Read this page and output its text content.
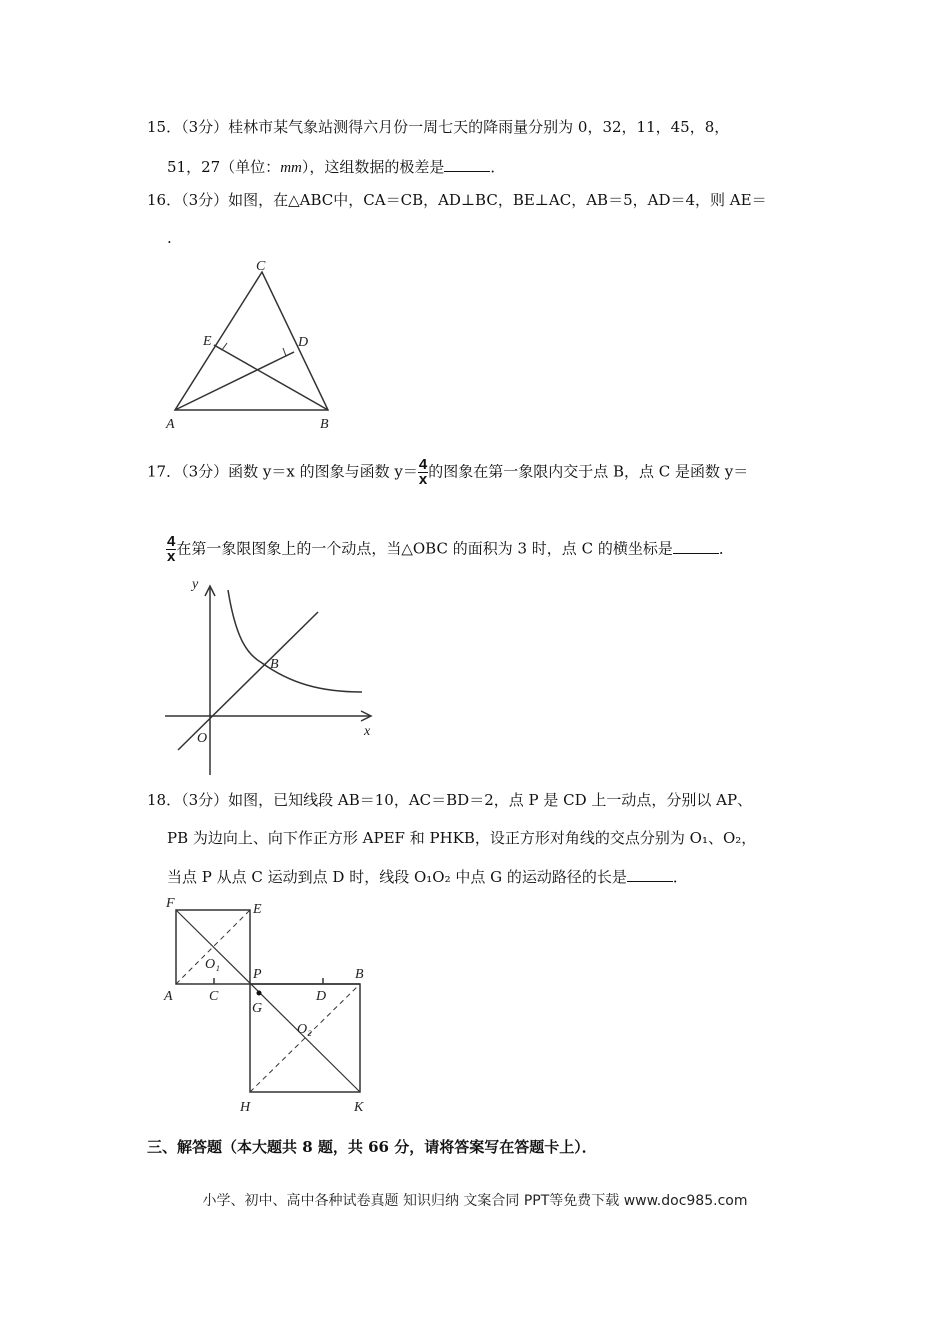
15．（3分）桂林市某气象站测得六月份一周七天的降雨量分别为 0，32，11，45，8，
51，27（单位：mm），这组数据的极差是	．
16．（3分）如图，在△ABC中，CA＝CB，AD⊥BC，BE⊥AC，AB＝5，AD＝4，则 AE＝
.
C
E	D
A	B
17．（3分）函数 y＝x 的图象与函数 $y= \frac{4}{x}$ 的图象在第一象限内交于点 B，点 C 是函数 y＝
$\frac{4}{x}$ 在第一象限图象上的一个动点，当△OBC 的面积为 3 时，点 C 的横坐标是	．
y
x
O
B
18．（3分）如图，已知线段 AB＝10，AC＝BD＝2，点 P 是 CD 上一动点，分别以 AP、
PB 为边向上、向下作正方形 APEF 和 PHKB，设正方形对角线的交点分别为 O₁、O₂，
当点 P 从点 C 运动到点 D 时，线段 O₁O₂ 中点 G 的运动路径的长是	．
F	E
A	C
P
D
B
G
O₁
O₂
H	K
三、解答题（本大题共 8 题，共 66 分，请将答案写在答题卡上）．
小学、初中、高中各种试卷真题 知识归纳 文案合同 PPT等免费下载 www.doc985.com
